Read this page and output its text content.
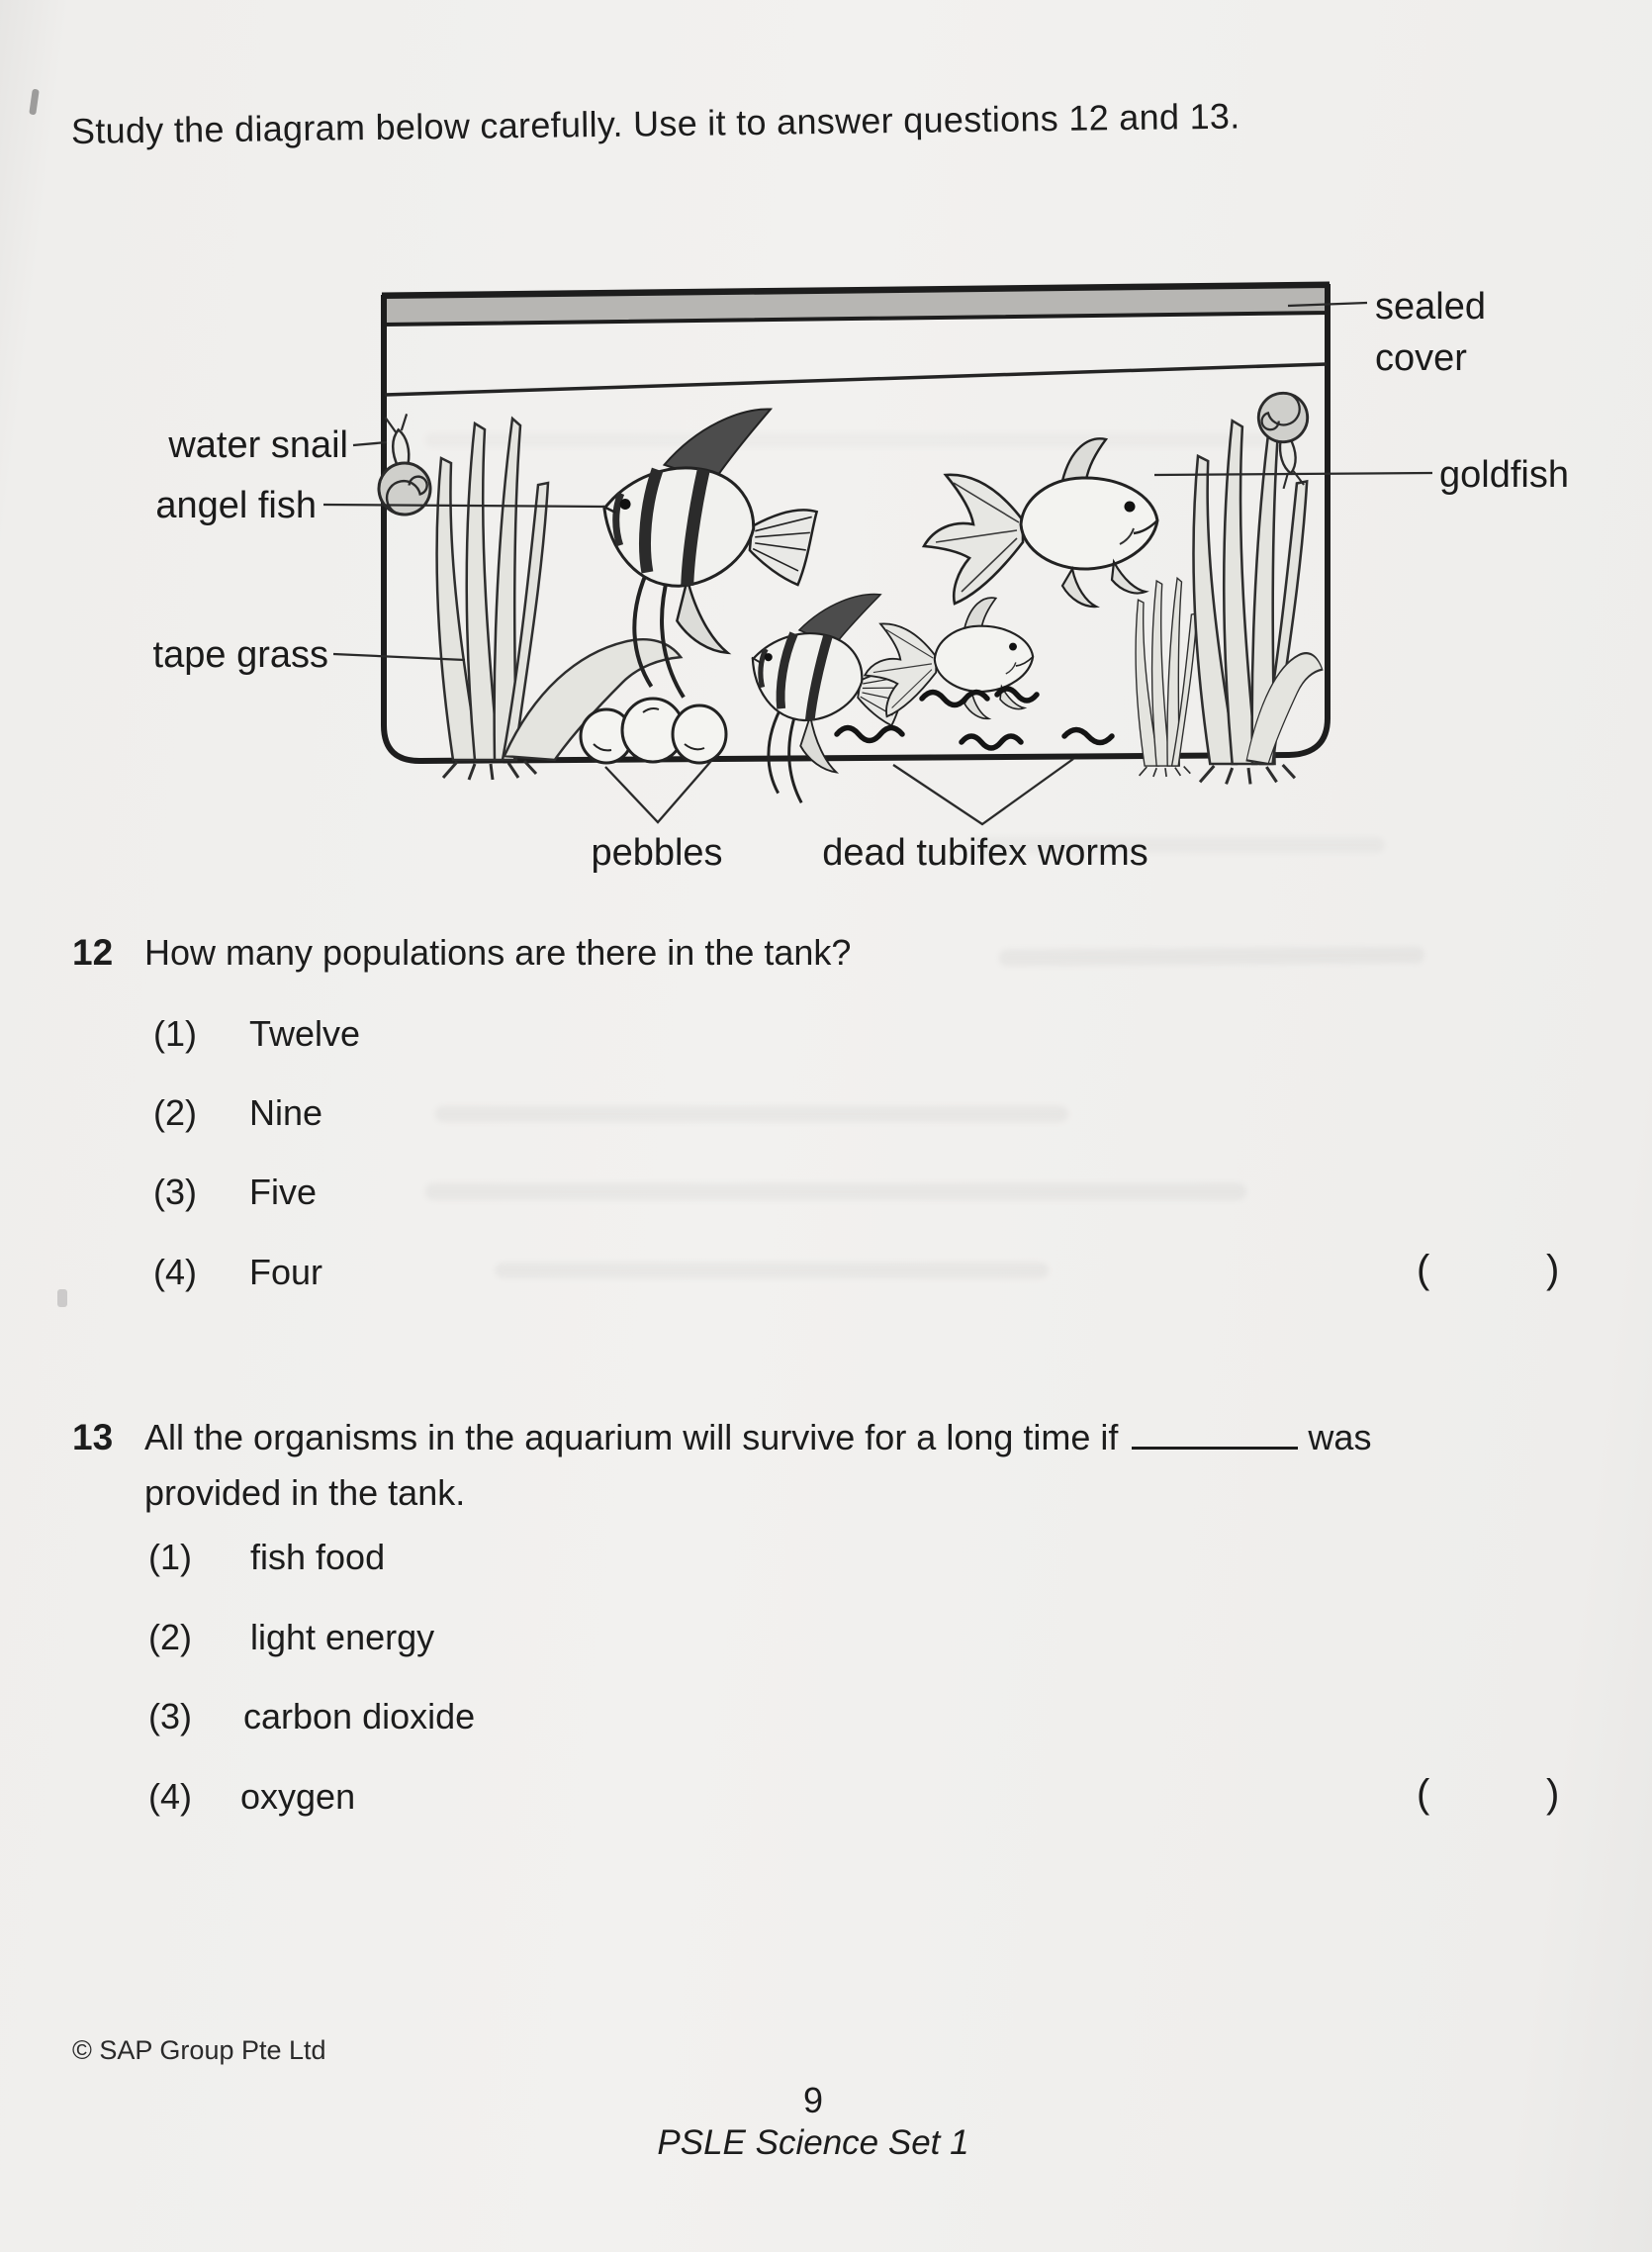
Study the diagram below carefully. Use it to answer questions 12 and 13.
sealed
cover
water snail
angel fish
tape grass
goldfish
pebbles	dead tubifex worms
12 How many populations are there in the tank?
(1) Twelve
(2) Nine
(3) Five
(4) Four	(	)
13 All the organisms in the aquarium will survive for a long time if	was
provided in the tank.
(1) fish food
(2) light energy
(3) carbon dioxide
(4) oxygen	(	)
© SAP Group Pte Ltd
9
PSLE Science Set 1
